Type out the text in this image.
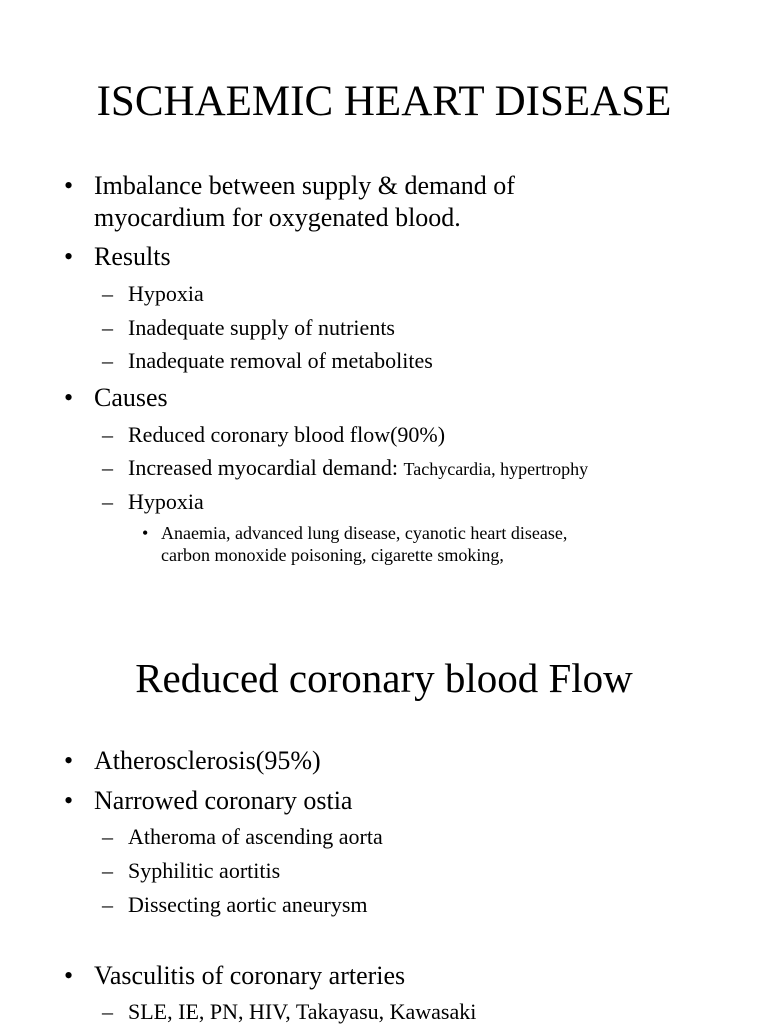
ISCHAEMIC HEART DISEASE
• Imbalance between supply & demand of
myocardium for oxygenated blood.
• Results
– Hypoxia
– Inadequate supply of nutrients
– Inadequate removal of metabolites
• Causes
– Reduced coronary blood flow(90%)
– Increased myocardial demand: Tachycardia, hypertrophy
– Hypoxia
• Anaemia, advanced lung disease, cyanotic heart disease,
carbon monoxide poisoning, cigarette smoking,
Reduced coronary blood Flow
• Atherosclerosis(95%)
• Narrowed coronary ostia
– Atheroma of ascending aorta
– Syphilitic aortitis
– Dissecting aortic aneurysm
• Vasculitis of coronary arteries
– SLE, IE, PN, HIV, Takayasu, Kawasaki
